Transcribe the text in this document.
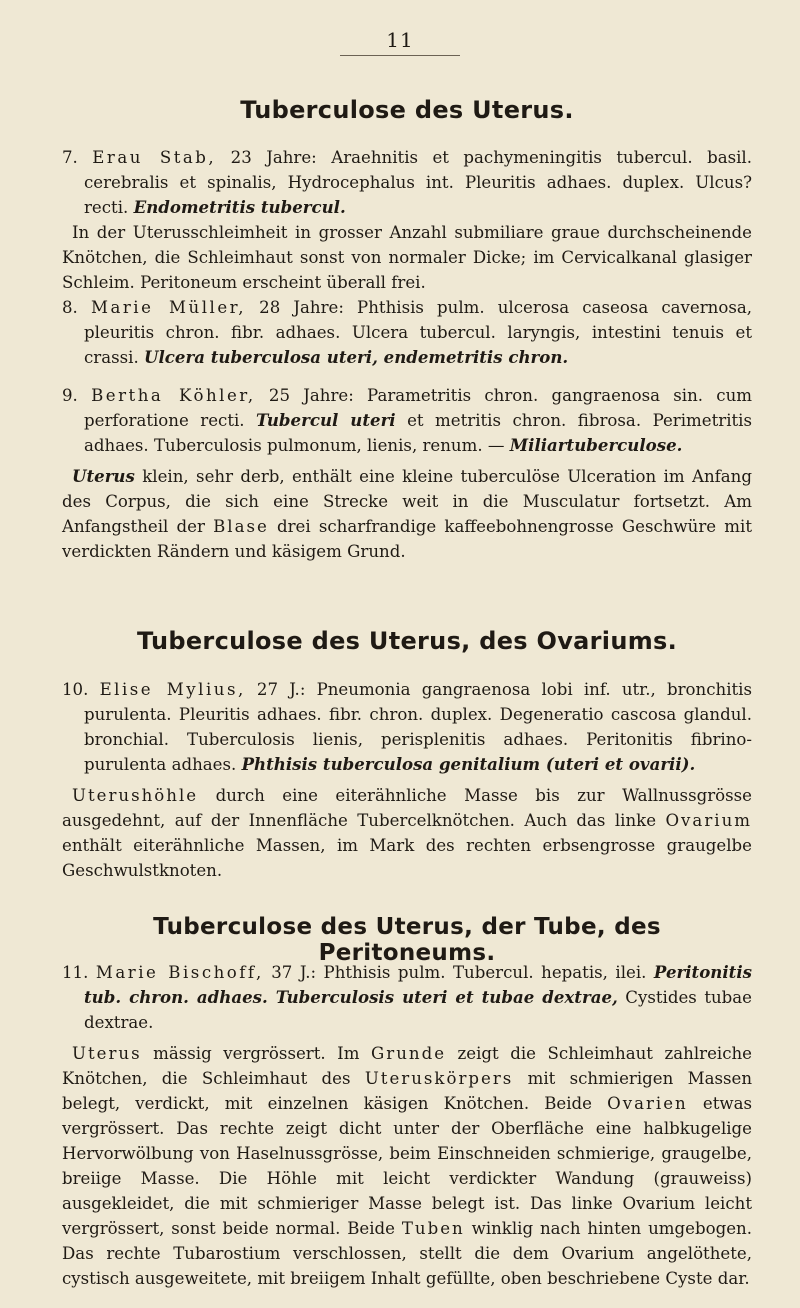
11
Tuberculose des Uterus.

7. Erau Stab, 23 Jahre: Araehnitis et pachymeningitis tubercul. basil. cerebralis et spinalis, Hydrocephalus int. Pleuritis adhaes. duplex. Ulcus? recti. Endometritis tubercul.

In der Uterusschleimheit in grosser Anzahl submiliare graue durchscheinende Knötchen, die Schleimhaut sonst von normaler Dicke; im Cervicalkanal glasiger Schleim. Peritoneum erscheint überall frei.

8. Marie Müller, 28 Jahre: Phthisis pulm. ulcerosa caseosa cavernosa, pleuritis chron. fibr. adhaes. Ulcera tubercul. laryngis, intestini tenuis et crassi. Ulcera tuberculosa uteri, endemetritis chron.

9. Bertha Köhler, 25 Jahre: Parametritis chron. gangraenosa sin. cum perforatione recti. Tubercul uteri et metritis chron. fibrosa. Perimetritis adhaes. Tuberculosis pulmonum, lienis, renum. — Miliartuberculose.

Uterus klein, sehr derb, enthält eine kleine tuberculöse Ulceration im Anfang des Corpus, die sich eine Strecke weit in die Musculatur fortsetzt. Am Anfangstheil der Blase drei scharfrandige kaffeebohnengrosse Geschwüre mit verdickten Rändern und käsigem Grund.

Tuberculose des Uterus, des Ovariums.

10. Elise Mylius, 27 J.: Pneumonia gangraenosa lobi inf. utr., bronchitis purulenta. Pleuritis adhaes. fibr. chron. duplex. Degeneratio cascosa glandul. bronchial. Tuberculosis lienis, perisplenitis adhaes. Peritonitis fibrino-purulenta adhaes. Phthisis tuberculosa genitalium (uteri et ovarii).

Uterushöhle durch eine eiterähnliche Masse bis zur Wallnussgrösse ausgedehnt, auf der Innenfläche Tubercelknötchen. Auch das linke Ovarium enthält eiterähnliche Massen, im Mark des rechten erbsengrosse graugelbe Geschwulstknoten.

Tuberculose des Uterus, der Tube, des Peritoneums.

11. Marie Bischoff, 37 J.: Phthisis pulm. Tubercul. hepatis, ilei. Peritonitis tub. chron. adhaes. Tuberculosis uteri et tubae dextrae, Cystides tubae dextrae.

Uterus mässig vergrössert. Im Grunde zeigt die Schleimhaut zahlreiche Knötchen, die Schleimhaut des Uteruskörpers mit schmierigen Massen belegt, verdickt, mit einzelnen käsigen Knötchen. Beide Ovarien etwas vergrössert. Das rechte zeigt dicht unter der Oberfläche eine halbkugelige Hervorwölbung von Haselnussgrösse, beim Einschneiden schmierige, graugelbe, breiige Masse. Die Höhle mit leicht verdickter Wandung (grauweiss) ausgekleidet, die mit schmieriger Masse belegt ist. Das linke Ovarium leicht vergrössert, sonst beide normal. Beide Tuben winklig nach hinten umgebogen. Das rechte Tubarostium verschlossen, stellt die dem Ovarium angelöthete, cystisch ausgeweitete, mit breiigem Inhalt gefüllte, oben beschriebene Cyste dar.
